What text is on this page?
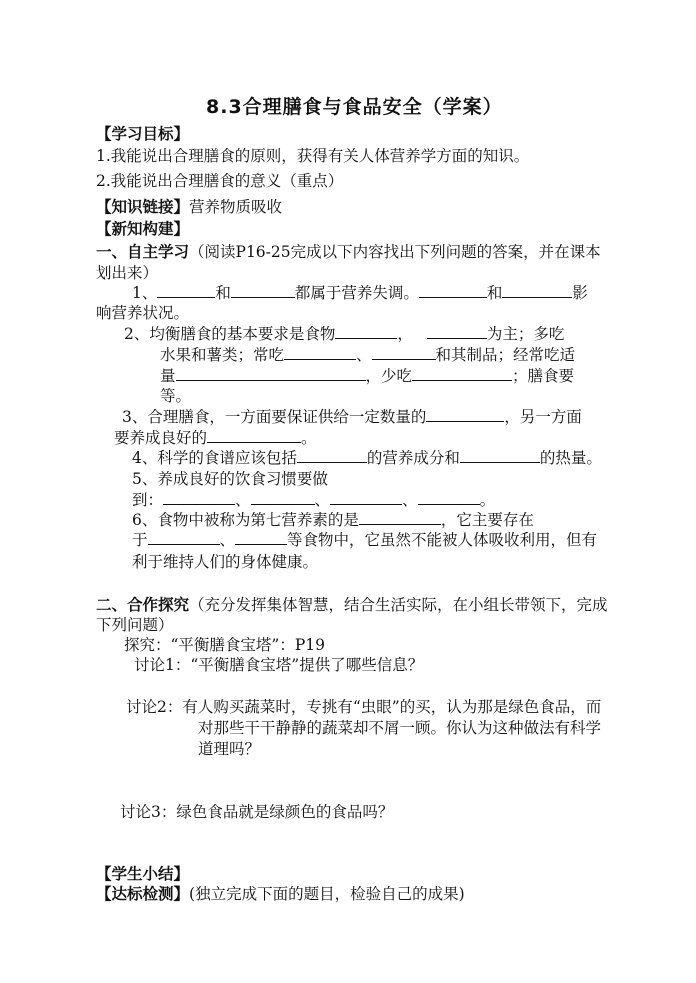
8.3合理膳食与食品安全（学案）
【学习目标】
1.我能说出合理膳食的原则，获得有关人体营养学方面的知识。
2.我能说出合理膳食的意义（重点）
【知识链接】营养物质吸收
【新知构建】
一、自主学习（阅读P16-25完成以下内容找出下列问题的答案，并在课本
划出来）
1、	和	都属于营养失调。	和	影
响营养状况。
2、均衡膳食的基本要求是食物	，	为主；多吃
水果和薯类；常吃	、	和其制品；经常吃适
量	，少吃	；膳食要
等。
3、合理膳食，一方面要保证供给一定数量的	，另一方面
要养成良好的	。
4、科学的食谱应该包括	的营养成分和	的热量。
5、养成良好的饮食习惯要做
到：	、	、	、	。
6、食物中被称为第七营养素的是	，它主要存在
于	、	等食物中，它虽然不能被人体吸收利用，但有
利于维持人们的身体健康。
二、合作探究（充分发挥集体智慧，结合生活实际，在小组长带领下，完成
下列问题）
探究：“平衡膳食宝塔”：P19
讨论1：“平衡膳食宝塔”提供了哪些信息？
讨论2：有人购买蔬菜时，专挑有“虫眼”的买，认为那是绿色食品，而
对那些干干静静的蔬菜却不屑一顾。你认为这种做法有科学
道理吗？
讨论3：绿色食品就是绿颜色的食品吗？
【学生小结】
【达标检测】(独立完成下面的题目，检验自己的成果)
